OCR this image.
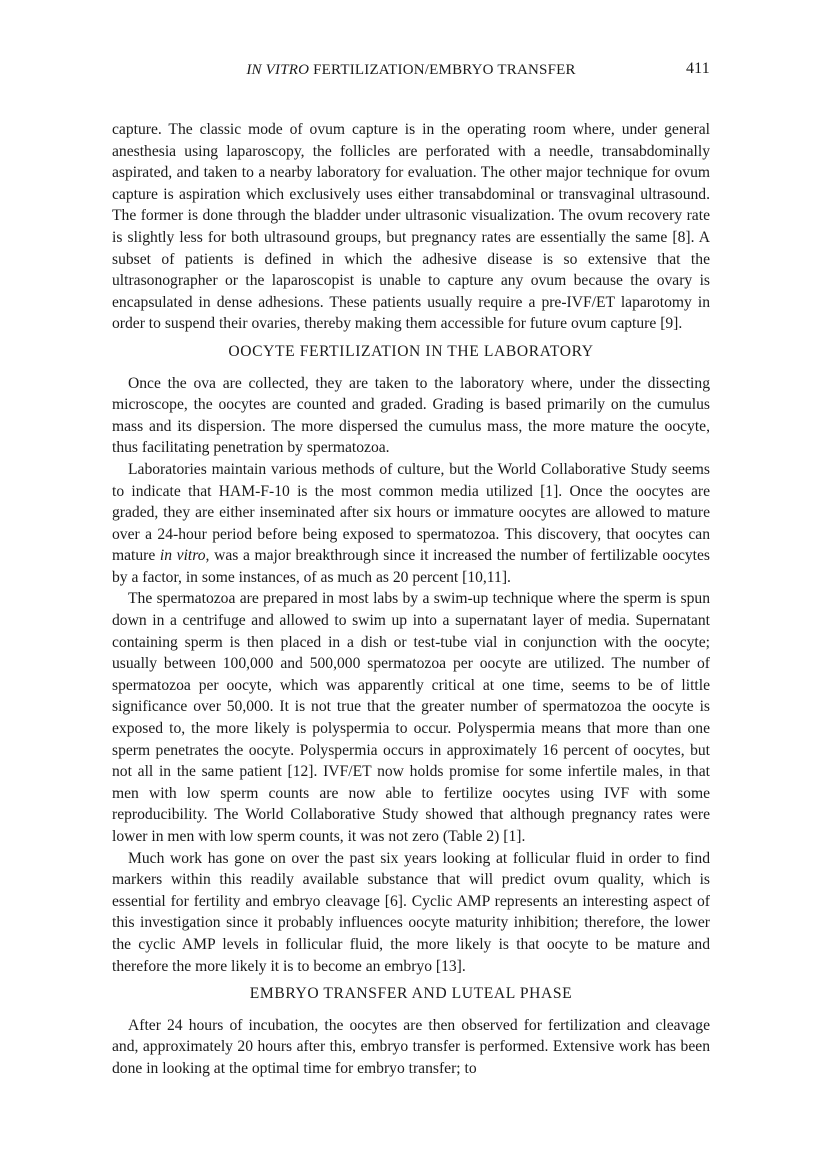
IN VITRO FERTILIZATION/EMBRYO TRANSFER	411

capture. The classic mode of ovum capture is in the operating room where, under general anesthesia using laparoscopy, the follicles are perforated with a needle, transabdominally aspirated, and taken to a nearby laboratory for evaluation. The other major technique for ovum capture is aspiration which exclusively uses either transabdominal or transvaginal ultrasound. The former is done through the bladder under ultrasonic visualization. The ovum recovery rate is slightly less for both ultrasound groups, but pregnancy rates are essentially the same [8]. A subset of patients is defined in which the adhesive disease is so extensive that the ultrasonographer or the laparoscopist is unable to capture any ovum because the ovary is encapsulated in dense adhesions. These patients usually require a pre-IVF/ET laparotomy in order to suspend their ovaries, thereby making them accessible for future ovum capture [9].

OOCYTE FERTILIZATION IN THE LABORATORY

Once the ova are collected, they are taken to the laboratory where, under the dissecting microscope, the oocytes are counted and graded. Grading is based primarily on the cumulus mass and its dispersion. The more dispersed the cumulus mass, the more mature the oocyte, thus facilitating penetration by spermatozoa.

Laboratories maintain various methods of culture, but the World Collaborative Study seems to indicate that HAM-F-10 is the most common media utilized [1]. Once the oocytes are graded, they are either inseminated after six hours or immature oocytes are allowed to mature over a 24-hour period before being exposed to spermatozoa. This discovery, that oocytes can mature in vitro, was a major breakthrough since it increased the number of fertilizable oocytes by a factor, in some instances, of as much as 20 percent [10,11].

The spermatozoa are prepared in most labs by a swim-up technique where the sperm is spun down in a centrifuge and allowed to swim up into a supernatant layer of media. Supernatant containing sperm is then placed in a dish or test-tube vial in conjunction with the oocyte; usually between 100,000 and 500,000 spermatozoa per oocyte are utilized. The number of spermatozoa per oocyte, which was apparently critical at one time, seems to be of little significance over 50,000. It is not true that the greater number of spermatozoa the oocyte is exposed to, the more likely is polyspermia to occur. Polyspermia means that more than one sperm penetrates the oocyte. Polyspermia occurs in approximately 16 percent of oocytes, but not all in the same patient [12]. IVF/ET now holds promise for some infertile males, in that men with low sperm counts are now able to fertilize oocytes using IVF with some reproducibility. The World Collaborative Study showed that although pregnancy rates were lower in men with low sperm counts, it was not zero (Table 2) [1].

Much work has gone on over the past six years looking at follicular fluid in order to find markers within this readily available substance that will predict ovum quality, which is essential for fertility and embryo cleavage [6]. Cyclic AMP represents an interesting aspect of this investigation since it probably influences oocyte maturity inhibition; therefore, the lower the cyclic AMP levels in follicular fluid, the more likely is that oocyte to be mature and therefore the more likely it is to become an embryo [13].

EMBRYO TRANSFER AND LUTEAL PHASE

After 24 hours of incubation, the oocytes are then observed for fertilization and cleavage and, approximately 20 hours after this, embryo transfer is performed. Extensive work has been done in looking at the optimal time for embryo transfer; to
